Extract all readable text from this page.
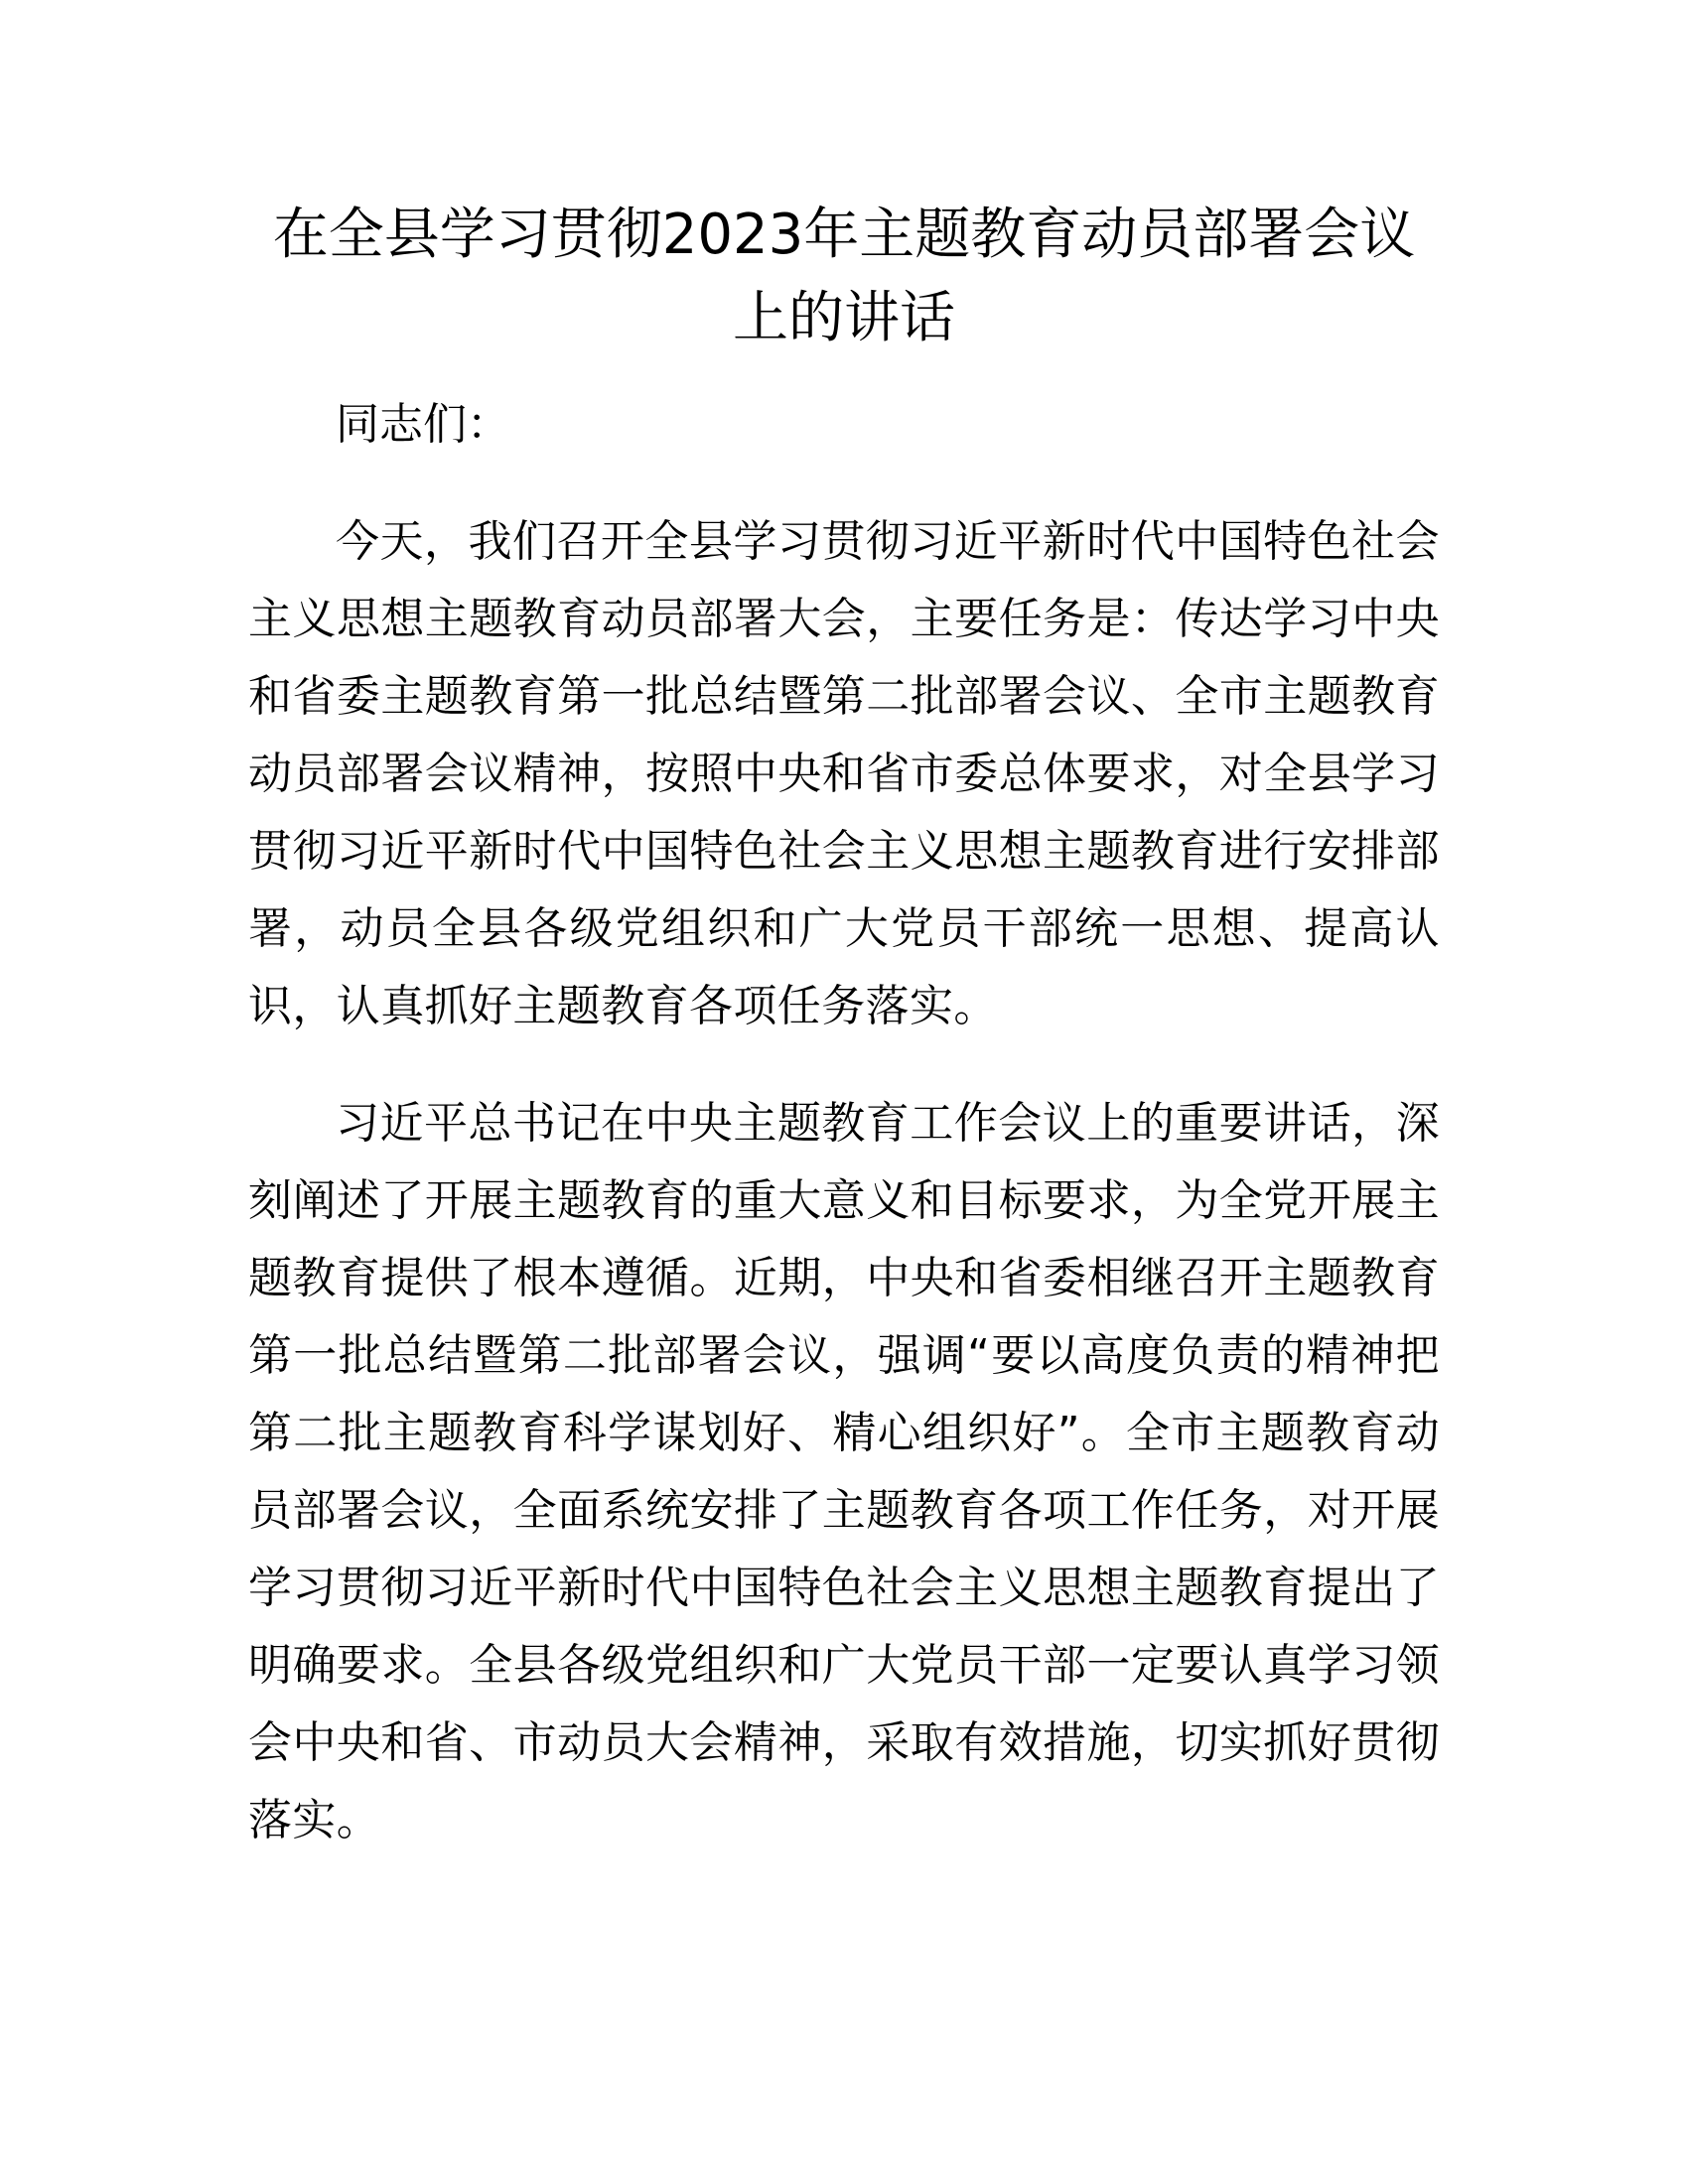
在全县学习贯彻2023年主题教育动员部署会议上的讲话

同志们：

今天，我们召开全县学习贯彻习近平新时代中国特色社会主义思想主题教育动员部署大会，主要任务是：传达学习中央和省委主题教育第一批总结暨第二批部署会议、全市主题教育动员部署会议精神，按照中央和省市委总体要求，对全县学习贯彻习近平新时代中国特色社会主义思想主题教育进行安排部署，动员全县各级党组织和广大党员干部统一思想、提高认识，认真抓好主题教育各项任务落实。

习近平总书记在中央主题教育工作会议上的重要讲话，深刻阐述了开展主题教育的重大意义和目标要求，为全党开展主题教育提供了根本遵循。近期，中央和省委相继召开主题教育第一批总结暨第二批部署会议，强调“要以高度负责的精神把第二批主题教育科学谋划好、精心组织好”。全市主题教育动员部署会议，全面系统安排了主题教育各项工作任务，对开展学习贯彻习近平新时代中国特色社会主义思想主题教育提出了明确要求。全县各级党组织和广大党员干部一定要认真学习领会中央和省、市动员大会精神，采取有效措施，切实抓好贯彻落实。
